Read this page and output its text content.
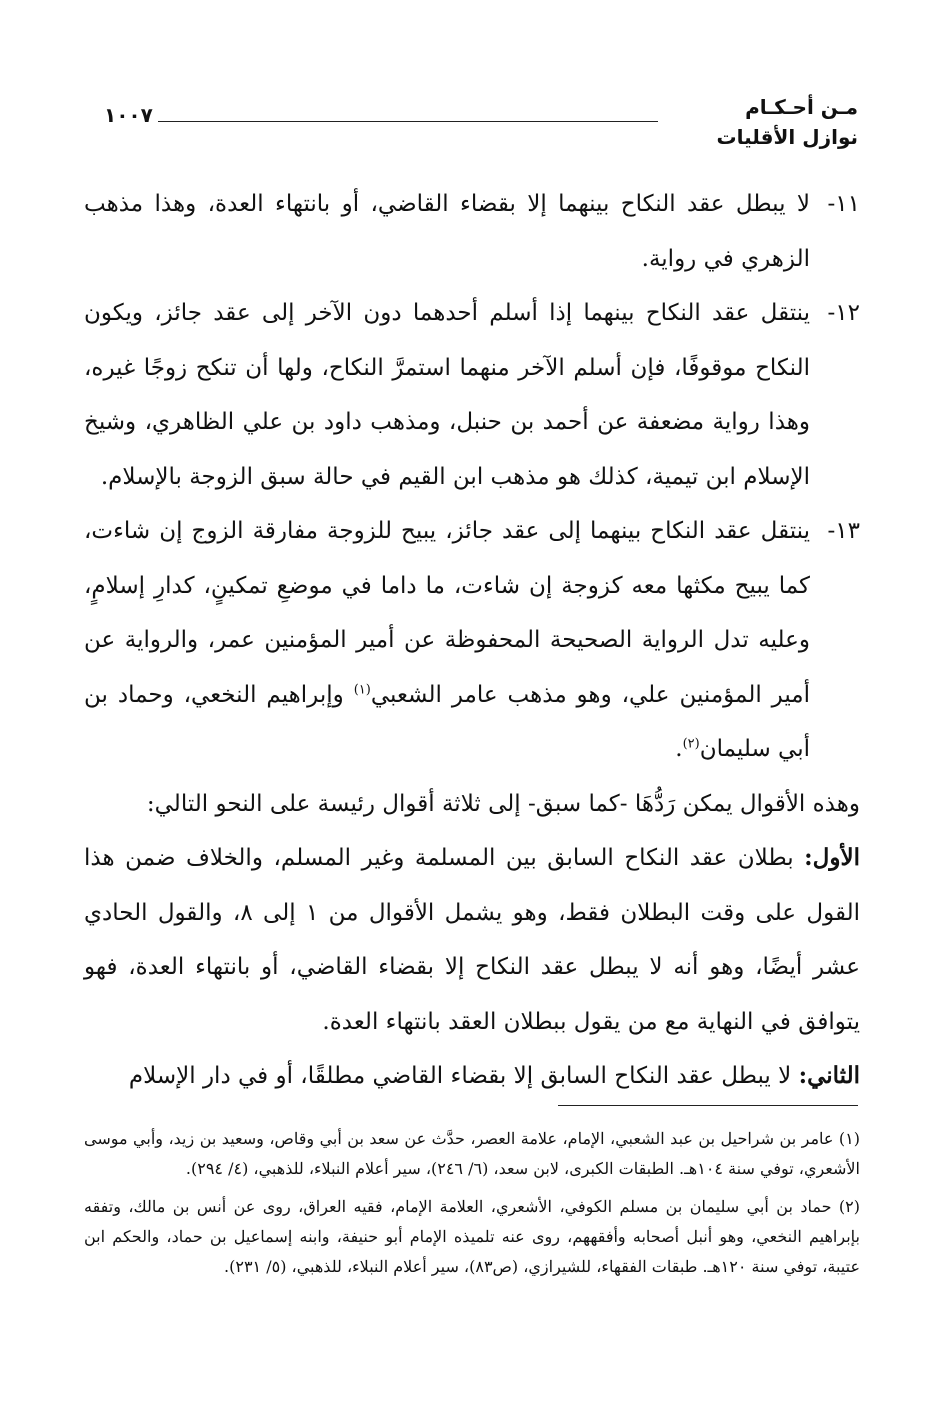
مـن أحـكـام
نوازل الأقليات
١٠٠٧
١١-
لا يبطل عقد النكاح بينهما إلا بقضاء القاضي، أو بانتهاء العدة، وهذا مذهب الزهري في رواية.
١٢-
ينتقل عقد النكاح بينهما إذا أسلم أحدهما دون الآخر إلى عقد جائز، ويكون النكاح موقوفًا، فإن أسلم الآخر منهما استمرَّ النكاح، ولها أن تنكح زوجًا غيره، وهذا رواية مضعفة عن أحمد بن حنبل، ومذهب داود بن علي الظاهري، وشيخ الإسلام ابن تيمية، كذلك هو مذهب ابن القيم في حالة سبق الزوجة بالإسلام.
١٣-
ينتقل عقد النكاح بينهما إلى عقد جائز، يبيح للزوجة مفارقة الزوج إن شاءت، كما يبيح مكثها معه كزوجة إن شاءت، ما داما في موضعِ تمكينٍ، كدارِ إسلامٍ، وعليه تدل الرواية الصحيحة المحفوظة عن أمير المؤمنين عمر، والرواية عن أمير المؤمنين علي، وهو مذهب عامر الشعبي$^{(١)}$ وإبراهيم النخعي، وحماد بن أبي سليمان$^{(٢)}$.

وهذه الأقوال يمكن رَدُّهَا -كما سبق- إلى ثلاثة أقوال رئيسة على النحو التالي:

الأول: بطلان عقد النكاح السابق بين المسلمة وغير المسلم، والخلاف ضمن هذا القول على وقت البطلان فقط، وهو يشمل الأقوال من ١ إلى ٨، والقول الحادي عشر أيضًا، وهو أنه لا يبطل عقد النكاح إلا بقضاء القاضي، أو بانتهاء العدة، فهو يتوافق في النهاية مع من يقول ببطلان العقد بانتهاء العدة.

الثاني: لا يبطل عقد النكاح السابق إلا بقضاء القاضي مطلقًا، أو في دار الإسلام

(١) عامر بن شراحيل بن عبد الشعبي، الإمام، علامة العصر، حدَّث عن سعد بن أبي وقاص، وسعيد بن زيد، وأبي موسى الأشعري، توفي سنة ١٠٤هـ. الطبقات الكبرى، لابن سعد، (٦/ ٢٤٦)، سير أعلام النبلاء، للذهبي، (٤/ ٢٩٤).

(٢) حماد بن أبي سليمان بن مسلم الكوفي، الأشعري، العلامة الإمام، فقيه العراق، روى عن أنس بن مالك، وتفقه بإبراهيم النخعي، وهو أنبل أصحابه وأفقههم، روى عنه تلميذه الإمام أبو حنيفة، وابنه إسماعيل بن حماد، والحكم ابن عتيبة، توفي سنة ١٢٠هـ. طبقات الفقهاء، للشيرازي، (ص٨٣)، سير أعلام النبلاء، للذهبي، (٥/ ٢٣١).
